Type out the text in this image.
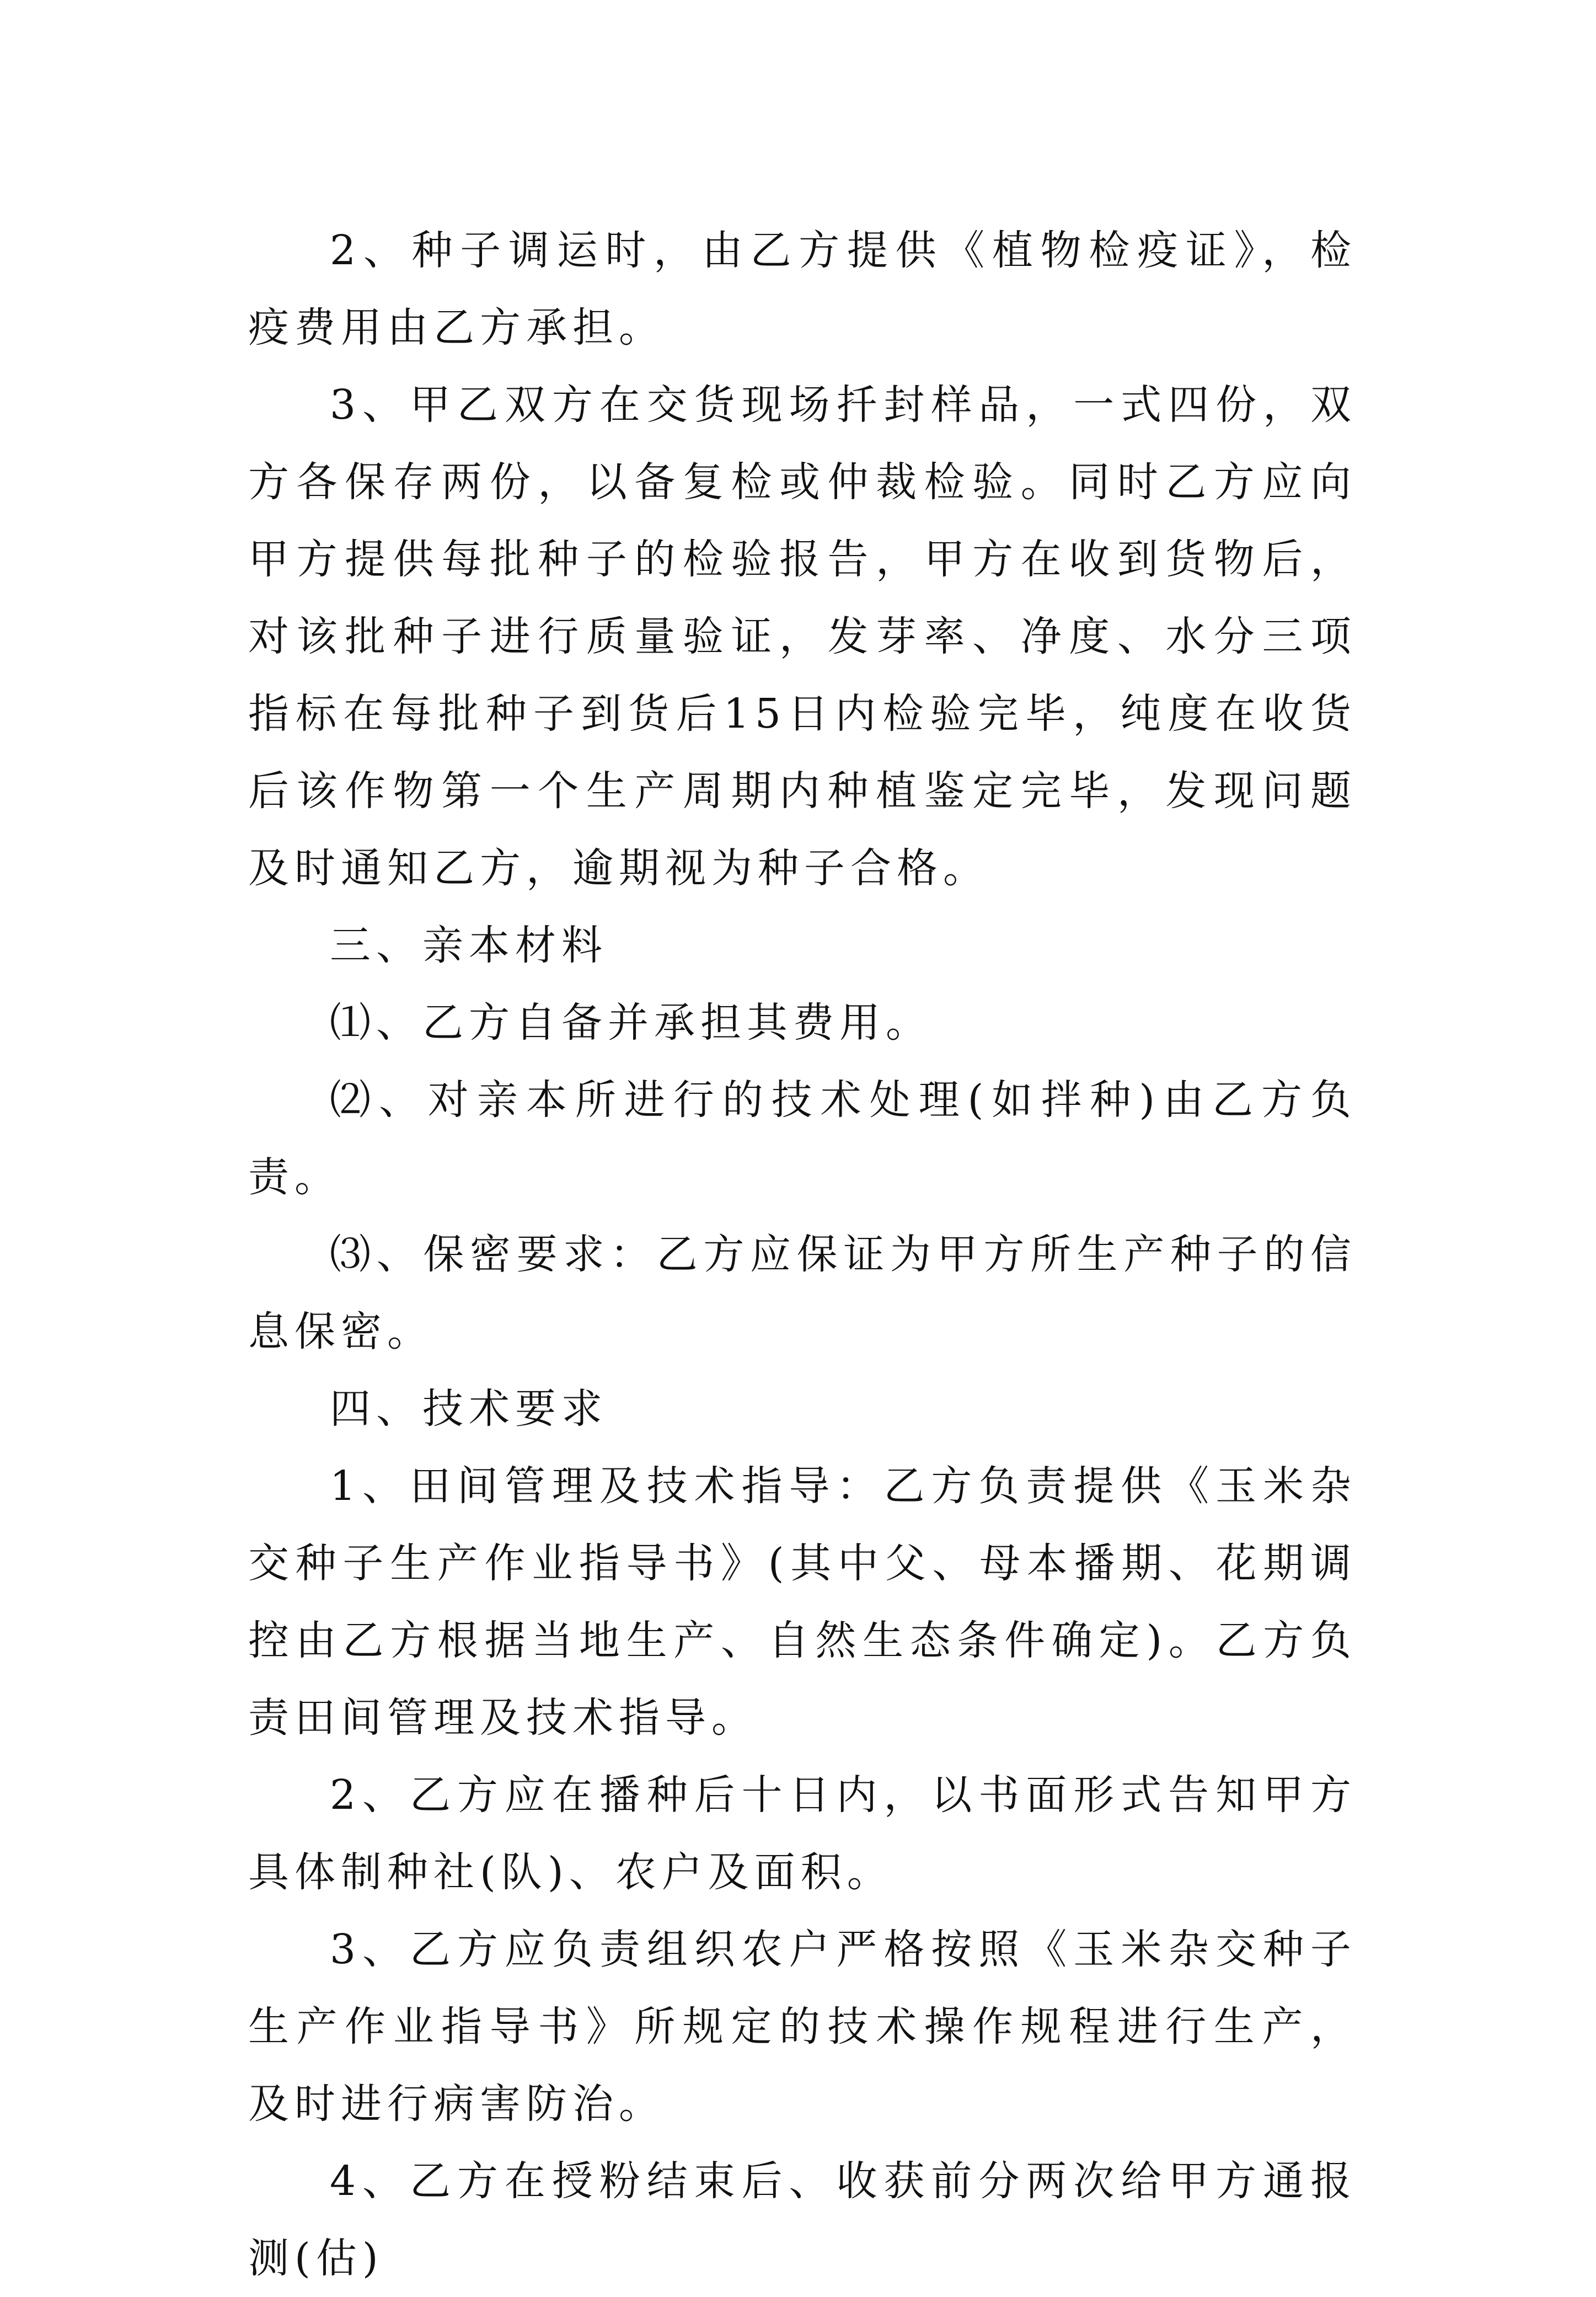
2、种子调运时，由乙方提供《植物检疫证》，检疫费用由乙方承担。

3、甲乙双方在交货现场扦封样品，一式四份，双方各保存两份，以备复检或仲裁检验。同时乙方应向甲方提供每批种子的检验报告，甲方在收到货物后，对该批种子进行质量验证，发芽率、净度、水分三项指标在每批种子到货后15日内检验完毕，纯度在收货后该作物第一个生产周期内种植鉴定完毕，发现问题及时通知乙方，逾期视为种子合格。

三、亲本材料

⑴、乙方自备并承担其费用。

⑵、对亲本所进行的技术处理(如拌种)由乙方负责。

⑶、保密要求：乙方应保证为甲方所生产种子的信息保密。

四、技术要求

1、田间管理及技术指导：乙方负责提供《玉米杂交种子生产作业指导书》(其中父、母本播期、花期调控由乙方根据当地生产、自然生态条件确定)。乙方负责田间管理及技术指导。

2、乙方应在播种后十日内，以书面形式告知甲方具体制种社(队)、农户及面积。

3、乙方应负责组织农户严格按照《玉米杂交种子生产作业指导书》所规定的技术操作规程进行生产，及时进行病害防治。

4、乙方在授粉结束后、收获前分两次给甲方通报测(估)
